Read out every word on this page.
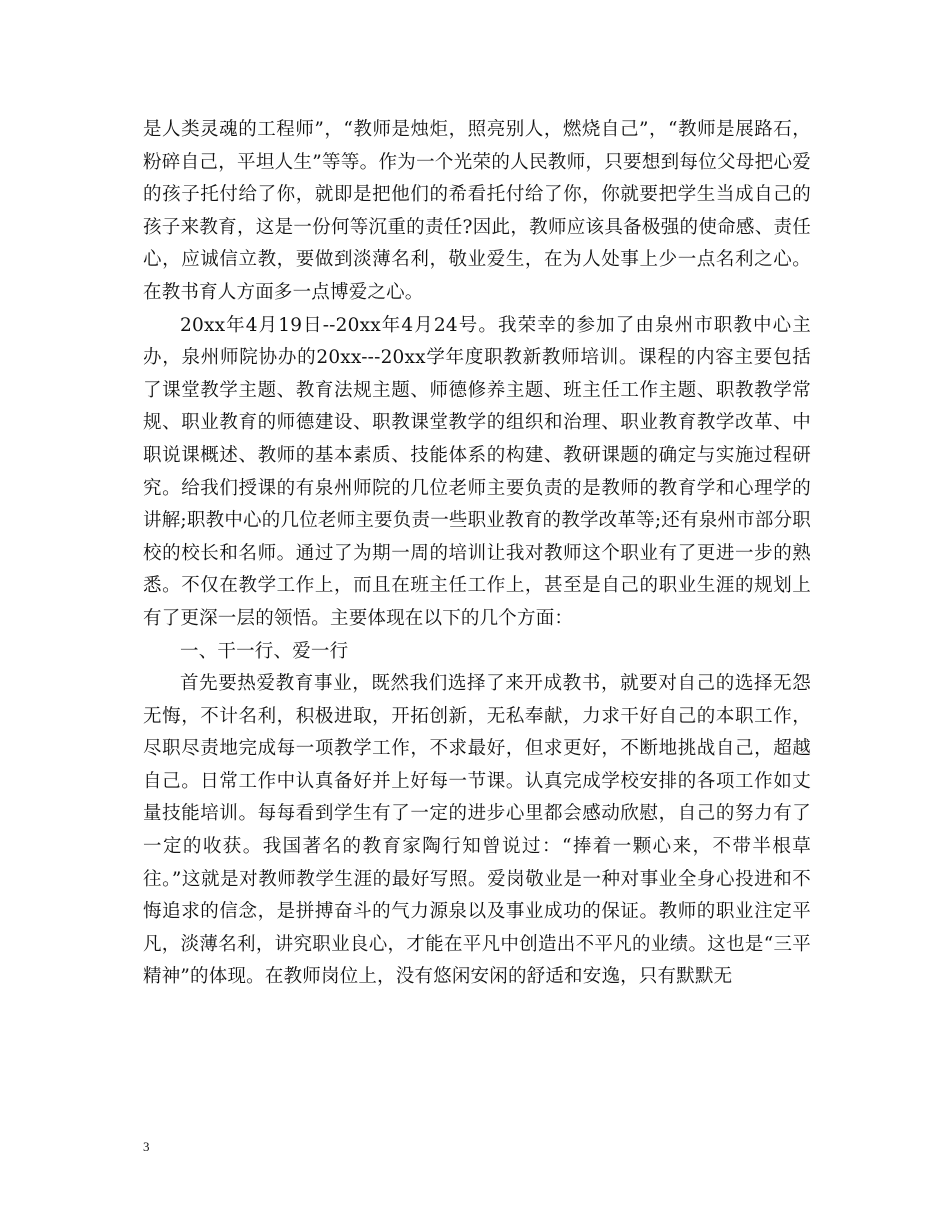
是人类灵魂的工程师”，“教师是烛炬，照亮别人，燃烧自己”，“教师是展路石，粉碎自己，平坦人生”等等。作为一个光荣的人民教师，只要想到每位父母把心爱的孩子托付给了你，就即是把他们的希看托付给了你，你就要把学生当成自己的孩子来教育，这是一份何等沉重的责任?因此，教师应该具备极强的使命感、责任心，应诚信立教，要做到淡薄名利，敬业爱生，在为人处事上少一点名利之心。在教书育人方面多一点博爱之心。

20xx年4月19日--20xx年4月24号。我荣幸的参加了由泉州市职教中心主办，泉州师院协办的20xx---20xx学年度职教新教师培训。课程的内容主要包括了课堂教学主题、教育法规主题、师德修养主题、班主任工作主题、职教教学常规、职业教育的师德建设、职教课堂教学的组织和治理、职业教育教学改革、中职说课概述、教师的基本素质、技能体系的构建、教研课题的确定与实施过程研究。给我们授课的有泉州师院的几位老师主要负责的是教师的教育学和心理学的讲解;职教中心的几位老师主要负责一些职业教育的教学改革等;还有泉州市部分职校的校长和名师。通过了为期一周的培训让我对教师这个职业有了更进一步的熟悉。不仅在教学工作上，而且在班主任工作上，甚至是自己的职业生涯的规划上有了更深一层的领悟。主要体现在以下的几个方面：

一、干一行、爱一行

首先要热爱教育事业，既然我们选择了来开成教书，就要对自己的选择无怨无悔，不计名利，积极进取，开拓创新，无私奉献，力求干好自己的本职工作，尽职尽责地完成每一项教学工作，不求最好，但求更好，不断地挑战自己，超越自己。日常工作中认真备好并上好每一节课。认真完成学校安排的各项工作如丈量技能培训。每每看到学生有了一定的进步心里都会感动欣慰，自己的努力有了一定的收获。我国著名的教育家陶行知曾说过：“捧着一颗心来，不带半根草往。”这就是对教师教学生涯的最好写照。爱岗敬业是一种对事业全身心投进和不悔追求的信念，是拼搏奋斗的气力源泉以及事业成功的保证。教师的职业注定平凡，淡薄名利，讲究职业良心，才能在平凡中创造出不平凡的业绩。这也是“三平精神”的体现。在教师岗位上，没有悠闲安闲的舒适和安逸，只有默默无

3
